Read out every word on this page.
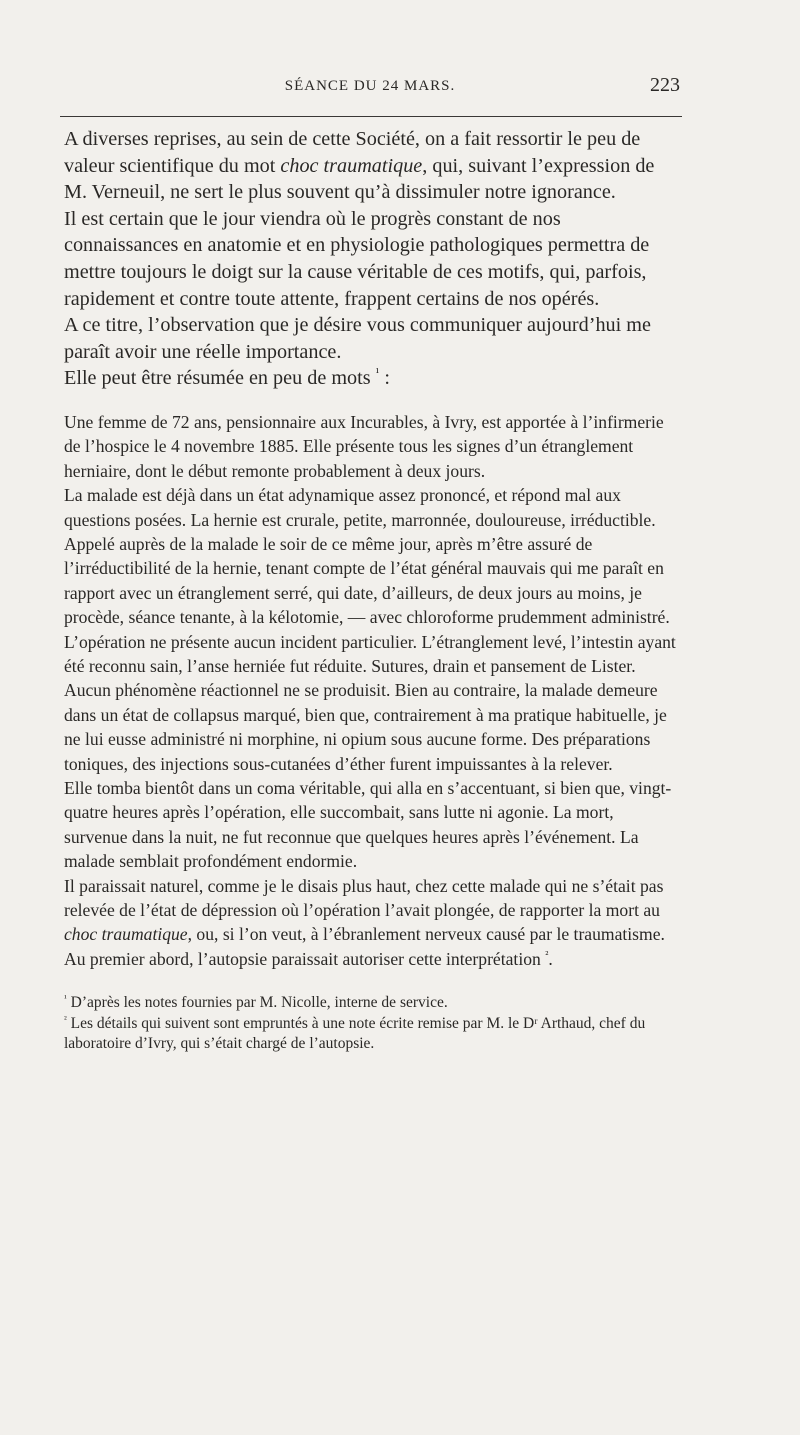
SÉANCE DU 24 MARS.	223

A diverses reprises, au sein de cette Société, on a fait ressortir le peu de valeur scientifique du mot choc traumatique, qui, suivant l’expression de M. Verneuil, ne sert le plus souvent qu’à dissimuler notre ignorance.

Il est certain que le jour viendra où le progrès constant de nos connaissances en anatomie et en physiologie pathologiques permettra de mettre toujours le doigt sur la cause véritable de ces motifs, qui, parfois, rapidement et contre toute attente, frappent certains de nos opérés.

A ce titre, l’observation que je désire vous communiquer aujourd’hui me paraît avoir une réelle importance.

Elle peut être résumée en peu de mots $^{^1}$ :

Une femme de 72 ans, pensionnaire aux Incurables, à Ivry, est apportée à l’infirmerie de l’hospice le 4 novembre 1885. Elle présente tous les signes d’un étranglement herniaire, dont le début remonte probablement à deux jours.

La malade est déjà dans un état adynamique assez prononcé, et répond mal aux questions posées. La hernie est crurale, petite, marronnée, douloureuse, irréductible.

Appelé auprès de la malade le soir de ce même jour, après m’être assuré de l’irréductibilité de la hernie, tenant compte de l’état général mauvais qui me paraît en rapport avec un étranglement serré, qui date, d’ailleurs, de deux jours au moins, je procède, séance tenante, à la kélotomie, — avec chloroforme prudemment administré.

L’opération ne présente aucun incident particulier. L’étranglement levé, l’intestin ayant été reconnu sain, l’anse herniée fut réduite. Sutures, drain et pansement de Lister.

Aucun phénomène réactionnel ne se produisit. Bien au contraire, la malade demeure dans un état de collapsus marqué, bien que, contrairement à ma pratique habituelle, je ne lui eusse administré ni morphine, ni opium sous aucune forme. Des préparations toniques, des injections sous-cutanées d’éther furent impuissantes à la relever.

Elle tomba bientôt dans un coma véritable, qui alla en s’accentuant, si bien que, vingt-quatre heures après l’opération, elle succombait, sans lutte ni agonie. La mort, survenue dans la nuit, ne fut reconnue que quelques heures après l’événement. La malade semblait profondément endormie.

Il paraissait naturel, comme je le disais plus haut, chez cette malade qui ne s’était pas relevée de l’état de dépression où l’opération l’avait plongée, de rapporter la mort au choc traumatique, ou, si l’on veut, à l’ébranlement nerveux causé par le traumatisme.

Au premier abord, l’autopsie paraissait autoriser cette interprétation $^{^2}$.

$^{^1}$ D’après les notes fournies par M. Nicolle, interne de service.

$^{^2}$ Les détails qui suivent sont empruntés à une note écrite remise par M. le Dʳ Arthaud, chef du laboratoire d’Ivry, qui s’était chargé de l’autopsie.
